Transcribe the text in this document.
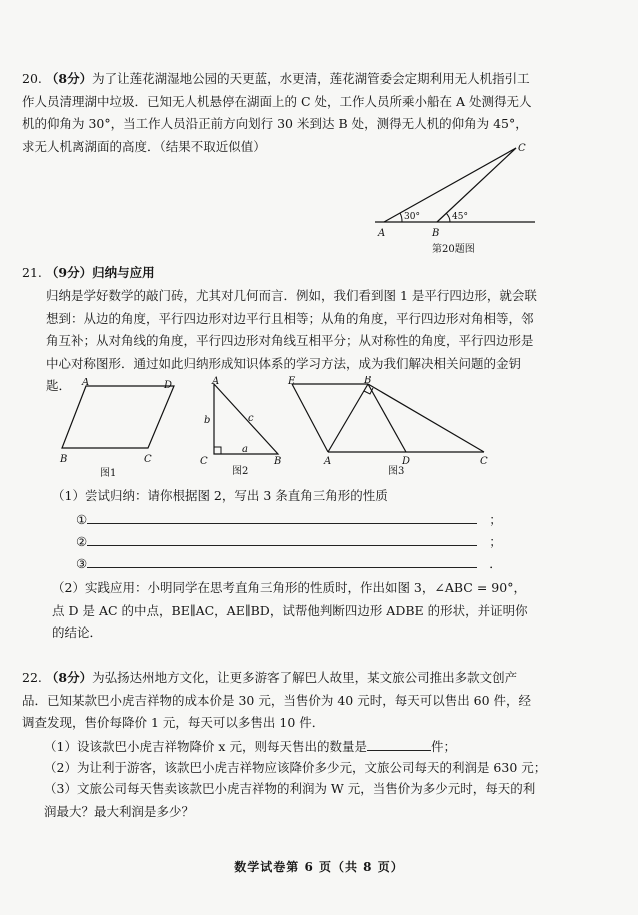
20. （8分）为了让莲花湖湿地公园的天更蓝，水更清，莲花湖管委会定期利用无人机指引工作人员清理湖中垃圾．已知无人机悬停在湖面上的 C 处，工作人员所乘小船在 A 处测得无人机的仰角为 30°，当工作人员沿正前方向划行 30 米到达 B 处，测得无人机的仰角为 45°，求无人机离湖面的高度．（结果不取近似值）

A	B
C
30°	45°
第20题图

21. （9分）归纳与应用

归纳是学好数学的敲门砖，尤其对几何而言．例如，我们看到图 1 是平行四边形，就会联想到：从边的角度，平行四边形对边平行且相等；从角的角度，平行四边形对角相等，邻角互补；从对角线的角度，平行四边形对角线互相平分；从对称性的角度，平行四边形是中心对称图形．通过如此归纳形成知识体系的学习方法，成为我们解决相关问题的金钥匙．	A	D
B	C
图1
A
C	B
b	c
a
图2
E	B
A	D	C
图3
（1）尝试归纳：请你根据图 2，写出 3 条直角三角形的性质
①	；
②	；
③	．

（2）实践应用：小明同学在思考直角三角形的性质时，作出如图 3，∠ABC = 90°，点 D 是 AC 的中点，BE∥AC，AE∥BD，试帮他判断四边形 ADBE 的形状，并证明你的结论．

22. （8分）为弘扬达州地方文化，让更多游客了解巴人故里，某文旅公司推出多款文创产品．已知某款巴小虎吉祥物的成本价是 30 元，当售价为 40 元时，每天可以售出 60 件，经调查发现，售价每降价 1 元，每天可以多售出 10 件．

（1）设该款巴小虎吉祥物降价 x 元，则每天售出的数量是	件；
（2）为让利于游客，该款巴小虎吉祥物应该降价多少元，文旅公司每天的利润是 630 元；

（3）文旅公司每天售卖该款巴小虎吉祥物的利润为 W 元，当售价为多少元时，每天的利润最大？最大利润是多少？

数学试卷第 6 页（共 8 页）
